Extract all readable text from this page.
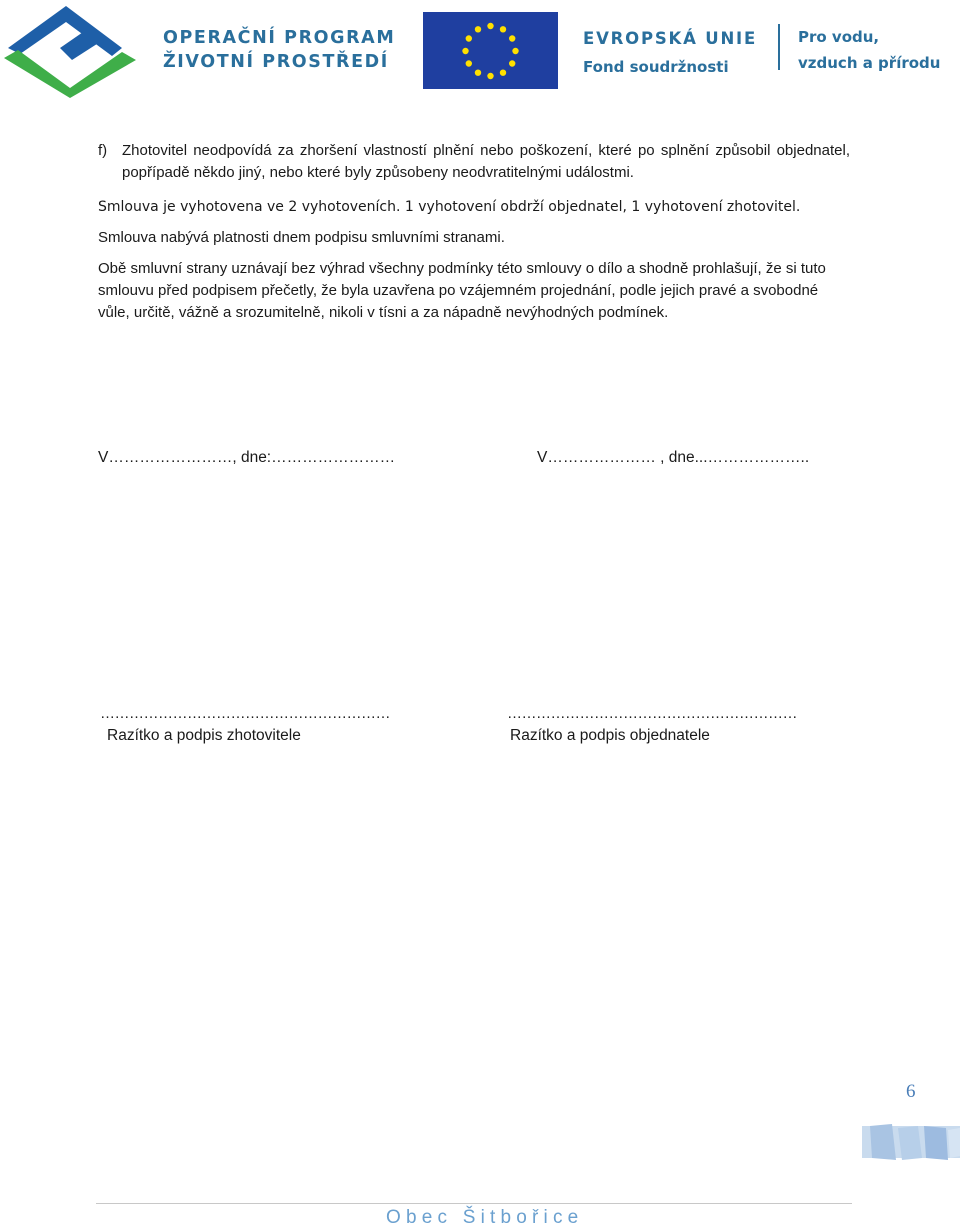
OPERAČNÍ PROGRAM
ŽIVOTNÍ PROSTŘEDÍ
EVROPSKÁ UNIE
Fond soudržnosti
Pro vodu,
vzduch a přírodu
f) Zhotovitel neodpovídá za zhoršení vlastností plnění nebo poškození, které po splnění způsobil objednatel, popřípadě někdo jiný, nebo které byly způsobeny neodvratitelnými událostmi.
Smlouva je vyhotovena ve 2 vyhotoveních. 1 vyhotovení obdrží objednatel, 1 vyhotovení zhotovitel.
Smlouva nabývá platnosti dnem podpisu smluvními stranami.
Obě smluvní strany uznávají bez výhrad všechny podmínky této smlouvy o dílo a shodně prohlašují, že si tuto smlouvu před podpisem přečetly, že byla uzavřena po vzájemném projednání, podle jejich pravé a svobodné vůle, určitě, vážně a srozumitelně, nikoli v tísni a za nápadně nevýhodných podmínek.
V……………………, dne:……………………	V………………… , dne...………………..
……………………………………………………	……………………………………………………
Razítko a podpis zhotovitele	Razítko a podpis objednatele
6
Obec Šitbořice
